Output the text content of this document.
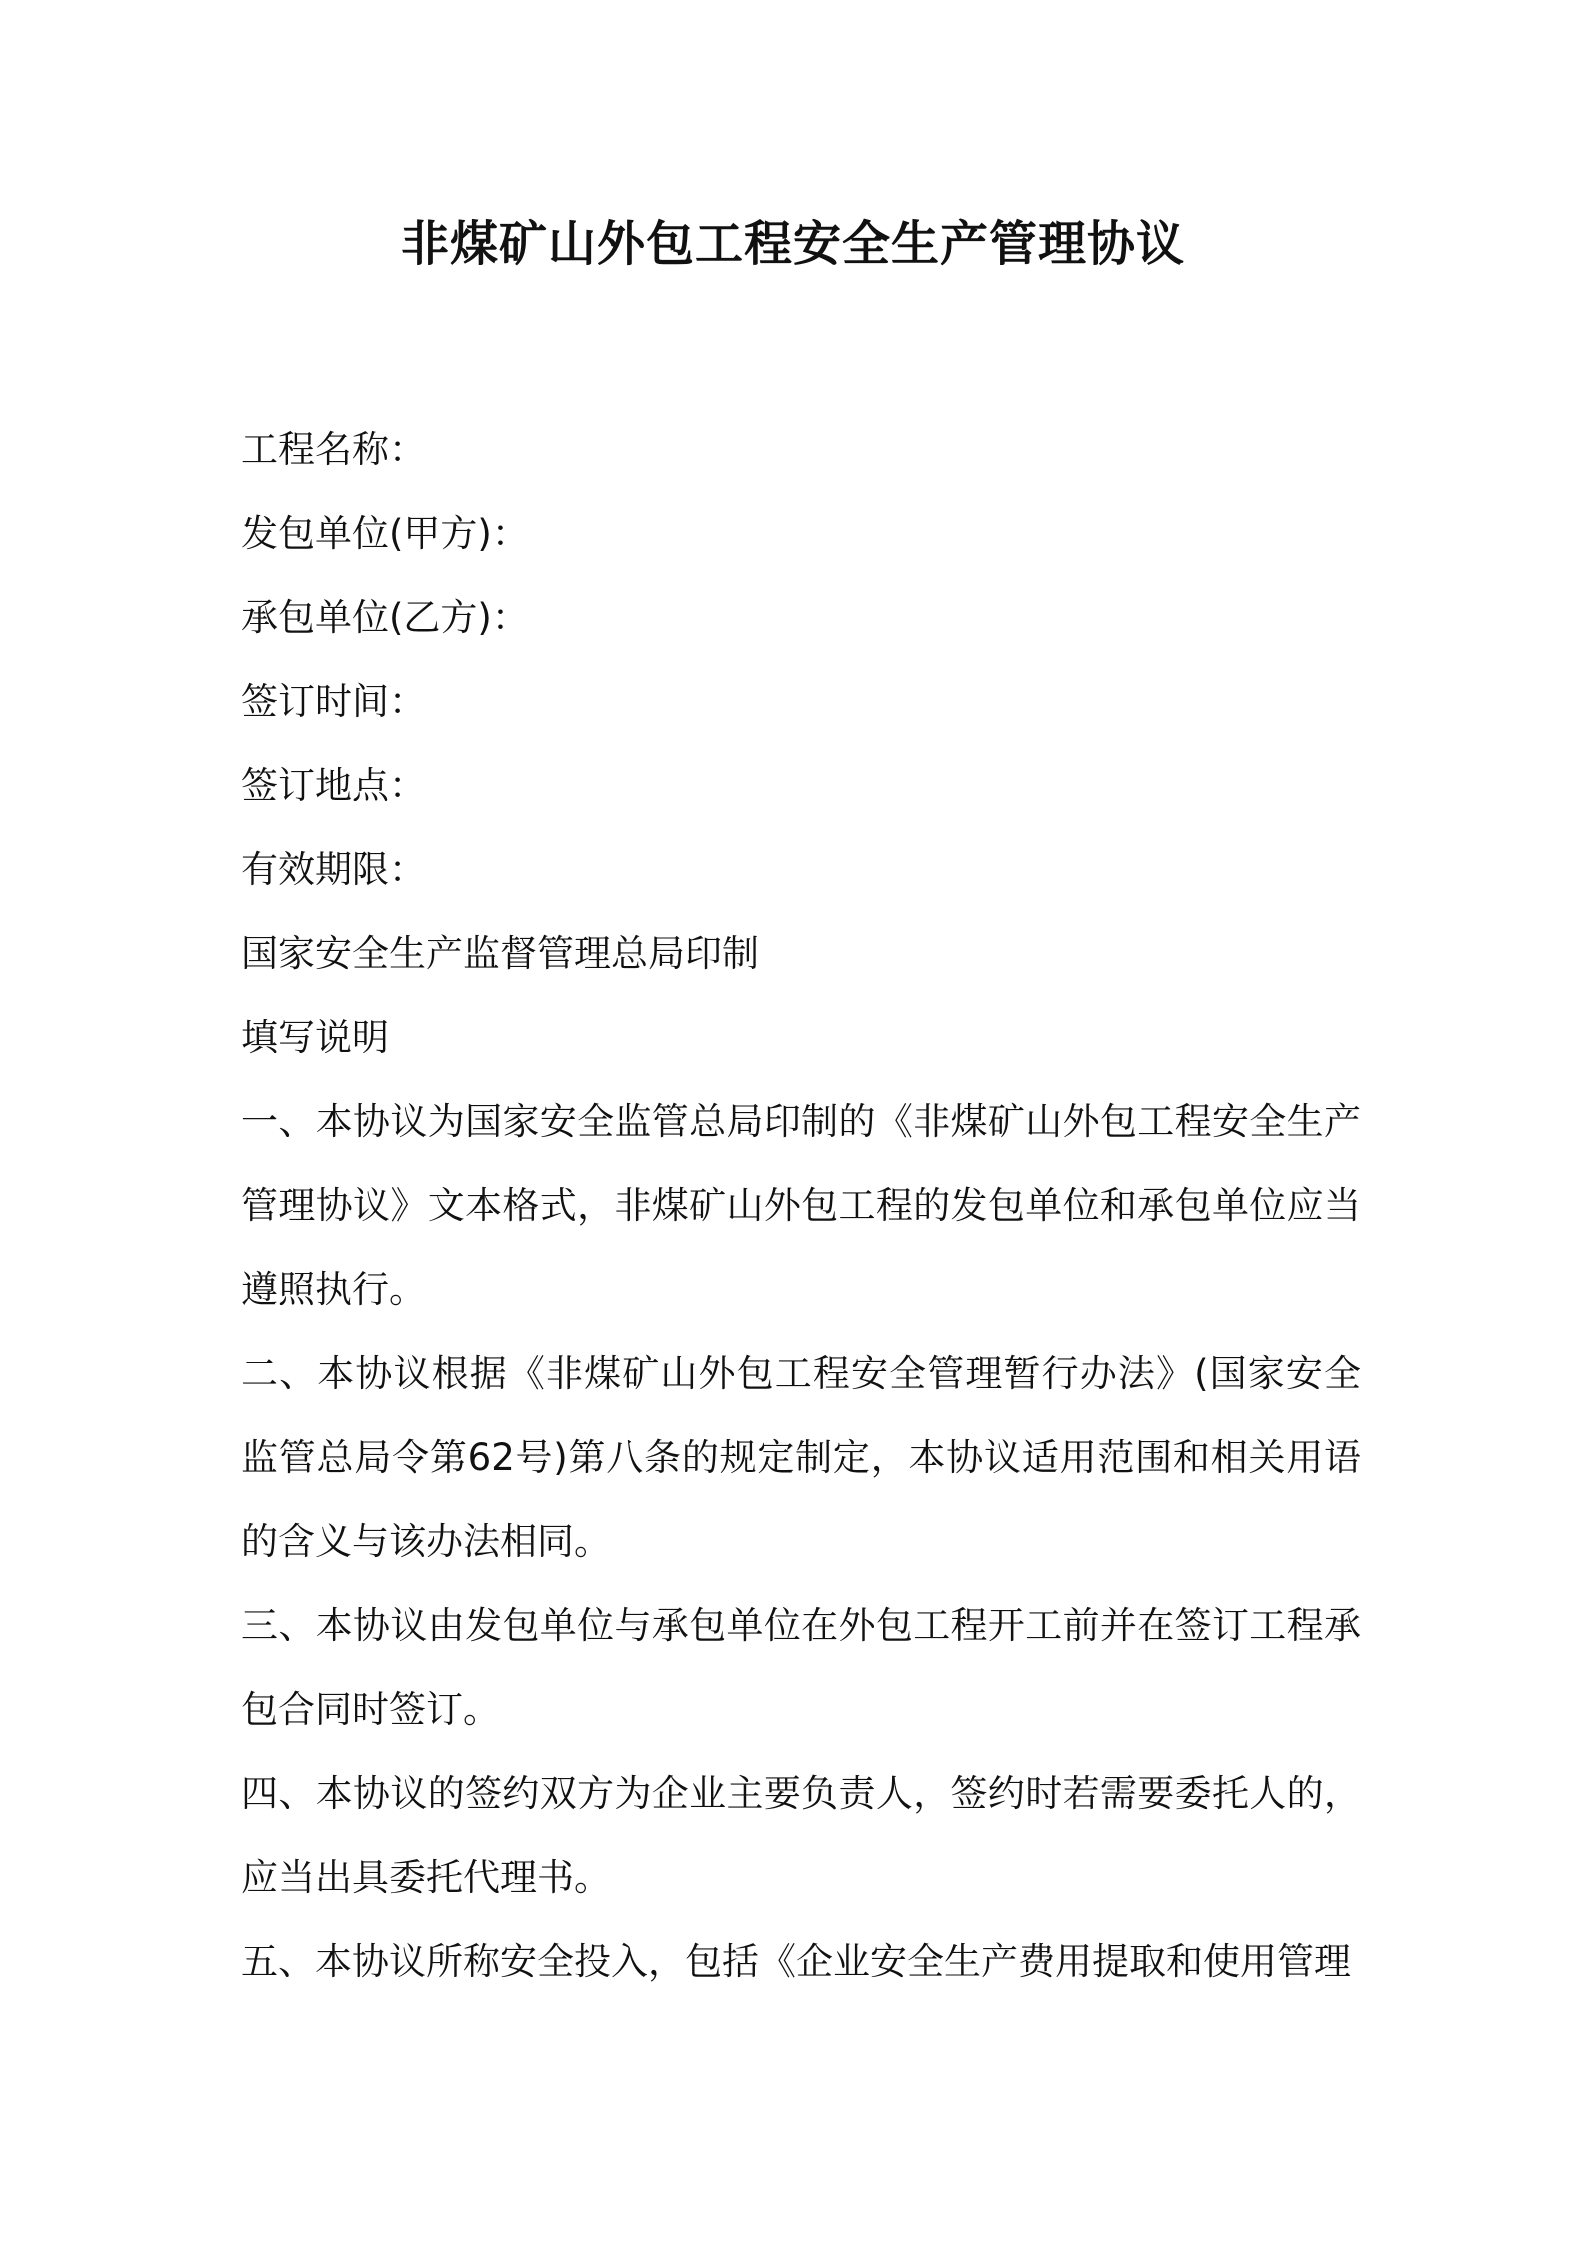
非煤矿山外包工程安全生产管理协议

工程名称：

发包单位(甲方)：

承包单位(乙方)：

签订时间：

签订地点：

有效期限：

国家安全生产监督管理总局印制

填写说明

一、本协议为国家安全监管总局印制的《非煤矿山外包工程安全生产管理协议》文本格式，非煤矿山外包工程的发包单位和承包单位应当遵照执行。

二、本协议根据《非煤矿山外包工程安全管理暂行办法》(国家安全监管总局令第62号)第八条的规定制定，本协议适用范围和相关用语的含义与该办法相同。

三、本协议由发包单位与承包单位在外包工程开工前并在签订工程承包合同时签订。

四、本协议的签约双方为企业主要负责人，签约时若需要委托人的，应当出具委托代理书。

五、本协议所称安全投入，包括《企业安全生产费用提取和使用管理
